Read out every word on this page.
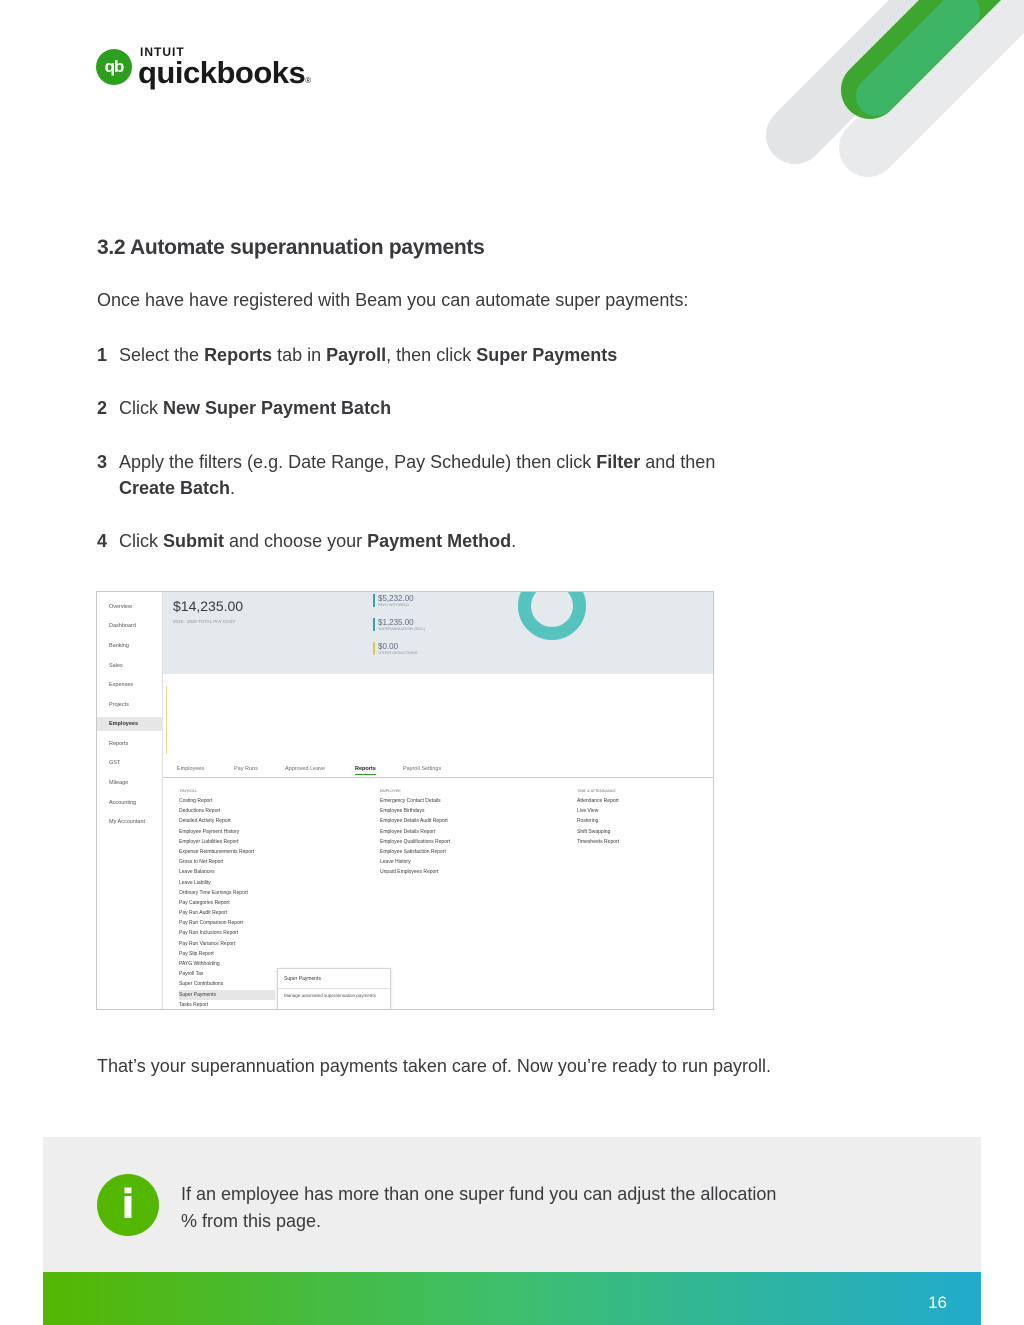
qb
INTUIT
quickbooks®
3.2 Automate superannuation payments
Once have have registered with Beam you can automate super payments:
1 Select the Reports tab in Payroll, then click Super Payments
2 Click New Super Payment Batch
3 Apply the filters (e.g. Date Range, Pay Schedule) then click Filter and then
Create Batch.
4 Click Submit and choose your Payment Method.
Overview
Dashboard
Banking
Sales
Expenses
Projects
Employees
Reports
GST
Mileage
Accounting
My Accountant
$14,235.00
2019 - 2020 TOTAL PAY COST
$5,232.00
PAYG WITHHELD
$1,235.00
SUPERANNUATION (SGC)
$0.00
OTHER DEDUCTIONS
Employees	Pay Runs	Approved Leave	Reports	Payroll Settings
PAYROLL	EMPLOYEE	TIME & ATTENDANCE
Costing Report
Deductions Report
Detailed Activity Report
Employee Payment History
Employer Liabilities Report
Expense Reimbursements Report
Gross to Net Report
Leave Balances
Leave Liability
Ordinary Time Earnings Report
Pay Categories Report
Pay Run Audit Report
Pay Run Comparison Report
Pay Run Inclusions Report
Pay Run Variance Report
Pay Slip Report
PAYG Withholding
Payroll Tax
Super Contributions
Super Payments
Tasks Report
Emergency Contact Details
Employee Birthdays
Employee Details Audit Report
Employee Details Report
Employee Qualifications Report
Employee Satisfaction Report
Leave History
Unpaid Employees Report
Attendance Report
Live View
Rostering
Shift Swapping
Timesheets Report
Super Payments
Manage automated superannuation payments
That’s your superannuation payments taken care of. Now you’re ready to run payroll.
i	If an employee has more than one super fund you can adjust the allocation % from this page.
16
